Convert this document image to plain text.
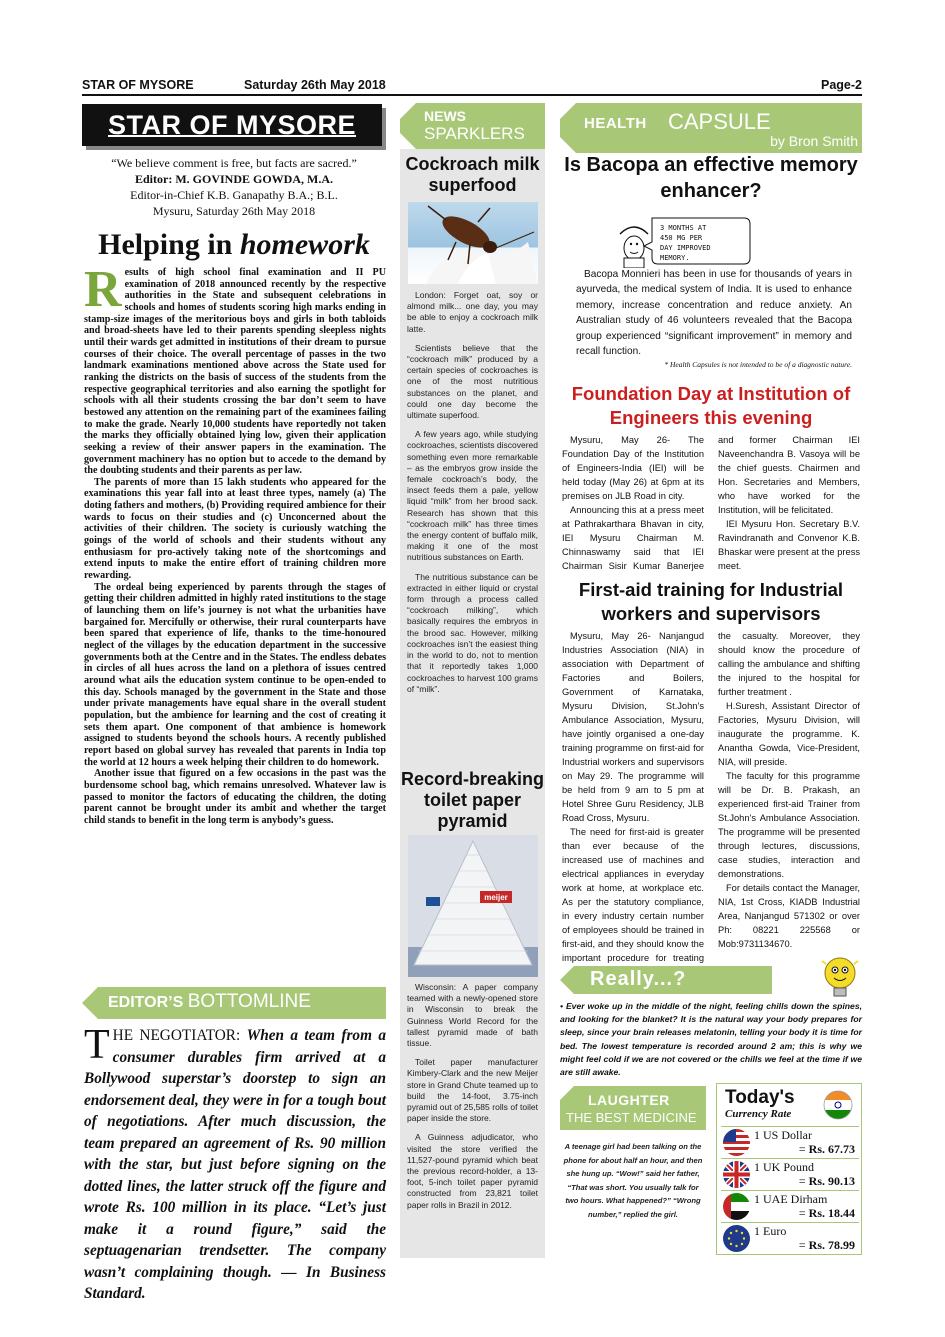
STAR OF MYSORE	Saturday 26th May 2018	Page-2
STAR OF MYSORE
“We believe comment is free, but facts are sacred.”
Editor: M. GOVINDE GOWDA, M.A.
Editor-in-Chief K.B. Ganapathy B.A.; B.L.
Mysuru, Saturday 26th May 2018
Helping in homework

Results of high school final examination and II PU examination of 2018 announced recently by the respective authorities in the State and subsequent celebrations in schools and homes of students scoring high marks ending in stamp-size images of the meritorious boys and girls in both tabloids and broad-sheets have led to their parents spending sleepless nights until their wards get admitted in institutions of their dream to pursue courses of their choice. The overall percentage of passes in the two landmark examinations mentioned above across the State used for ranking the districts on the basis of success of the students from the respective geographical territories and also earning the spotlight for schools with all their students crossing the bar don’t seem to have bestowed any attention on the remaining part of the examinees failing to make the grade. Nearly 10,000 students have reportedly not taken the marks they officially obtained lying low, given their application seeking a review of their answer papers in the examination. The government machinery has no option but to accede to the demand by the doubting students and their parents as per law.

The parents of more than 15 lakh students who appeared for the examinations this year fall into at least three types, namely (a) The doting fathers and mothers, (b) Providing required ambience for their wards to focus on their studies and (c) Unconcerned about the activities of their children. The society is curiously watching the goings of the world of schools and their students without any enthusiasm for pro-actively taking note of the shortcomings and extend inputs to make the entire effort of training children more rewarding.

The ordeal being experienced by parents through the stages of getting their children admitted in highly rated institutions to the stage of launching them on life’s journey is not what the urbanities have bargained for. Mercifully or otherwise, their rural counterparts have been spared that experience of life, thanks to the time-honoured neglect of the villages by the education department in the successive governments both at the Centre and in the States. The endless debates in circles of all hues across the land on a plethora of issues centred around what ails the education system continue to be open-ended to this day. Schools managed by the government in the State and those under private managements have equal share in the overall student population, but the ambience for learning and the cost of creating it sets them apart. One component of that ambience is homework assigned to students beyond the schools hours. A recently published report based on global survey has revealed that parents in India top the world at 12 hours a week helping their children to do homework.

Another issue that figured on a few occasions in the past was the burdensome school bag, which remains unresolved. Whatever law is passed to monitor the factors of educating the children, the doting parent cannot be brought under its ambit and whether the target child stands to benefit in the long term is anybody’s guess.

EDITOR’S BOTTOMLINE
THE NEGOTIATOR: When a team from a consumer durables firm arrived at a Bollywood superstar’s doorstep to sign an endorsement deal, they were in for a tough bout of negotiations. After much discussion, the team prepared an agreement of Rs. 90 million with the star, but just before signing on the dotted lines, the latter struck off the figure and wrote Rs. 100 million in its place. “Let’s just make it a round figure,” said the septuagenarian trendsetter. The company wasn’t complaining though. — In Business Standard.
NEWS
SPARKLERS
Cockroach milk superfood

London: Forget oat, soy or almond milk... one day, you may be able to enjoy a cockroach milk latte.

Scientists believe that the “cockroach milk” produced by a certain species of cockroaches is one of the most nutritious substances on the planet, and could one day become the ultimate superfood.

A few years ago, while studying cockroaches, scientists discovered something even more remarkable – as the embryos grow inside the female cockroach’s body, the insect feeds them a pale, yellow liquid “milk” from her brood sack. Research has shown that this “cockroach milk” has three times the energy content of buffalo milk, making it one of the most nutritious substances on Earth.

The nutritious substance can be extracted in either liquid or crystal form through a process called “cockroach milking”, which basically requires the embryos in the brood sac. However, milking cockroaches isn’t the easiest thing in the world to do, not to mention that it reportedly takes 1,000 cockroaches to harvest 100 grams of “milk”.

Record-breaking toilet paper pyramid
meijer

Wisconsin: A paper company teamed with a newly-opened store in Wisconsin to break the Guinness World Record for the tallest pyramid made of bath tissue.

Toilet paper manufacturer Kimbery-Clark and the new Meijer store in Grand Chute teamed up to build the 14-foot, 3.75-inch pyramid out of 25,585 rolls of toilet paper inside the store.

A Guinness adjudicator, who visited the store verified the 11,527-pound pyramid which beat the previous record-holder, a 13-foot, 5-inch toilet paper pyramid constructed from 23,821 toilet paper rolls in Brazil in 2012.

HEALTH CAPSULE
by Bron Smith
Is Bacopa an effective memory enhancer?
3 MONTHS AT 450 MG PER DAY IMPROVED MEMORY.
Bacopa Monnieri has been in use for thousands of years in ayurveda, the medical system of India. It is used to enhance memory, increase concentration and reduce anxiety. An Australian study of 46 volunteers revealed that the Bacopa group experienced “significant improvement” in memory and recall function.
* Health Capsules is not intended to be of a diagnostic nature.
Foundation Day at Institution of Engineers this evening

Mysuru, May 26- The Foundation Day of the Institution of Engineers-India (IEI) will be held today (May 26) at 6pm at its premises on JLB Road in city.

Announcing this at a press meet at Pathrakarthara Bhavan in city, IEI Mysuru Chairman M. Chinnaswamy said that IEI Chairman Sisir Kumar Banerjee and former Chairman IEI Naveenchandra B. Vasoya will be the chief guests. Chairmen and Hon. Secretaries and Members, who have worked for the Institution, will be felicitated.

IEI Mysuru Hon. Secretary B.V. Ravindranath and Convenor K.B. Bhaskar were present at the press meet.

First-aid training for Industrial workers and supervisors

Mysuru, May 26- Nanjangud Industries Association (NIA) in association with Department of Factories and Boilers, Government of Karnataka, Mysuru Division, St.John’s Ambulance Association, Mysuru, have jointly organised a one-day training programme on first-aid for Industrial workers and supervisors on May 29. The programme will be held from 9 am to 5 pm at Hotel Shree Guru Residency, JLB Road Cross, Mysuru.

The need for first-aid is greater than ever because of the increased use of machines and electrical appliances in everyday work at home, at workplace etc. As per the statutory compliance, in every industry certain number of employees should be trained in first-aid, and they should know the important procedure for treating the casualty. Moreover, they should know the procedure of calling the ambulance and shifting the injured to the hospital for further treatment .

H.Suresh, Assistant Director of Factories, Mysuru Division, will inaugurate the programme. K. Anantha Gowda, Vice-President, NIA, will preside.

The faculty for this programme will be Dr. B. Prakash, an experienced first-aid Trainer from St.John’s Ambulance Association. The programme will be presented through lectures, discussions, case studies, interaction and demonstrations.

For details contact the Manager, NIA, 1st Cross, KIADB Industrial Area, Nanjangud 571302 or over Ph: 08221 225568 or Mob:9731134670.

Really...?
• Ever woke up in the middle of the night, feeling chills down the spines, and looking for the blanket? It is the natural way your body prepares for sleep, since your brain releases melatonin, telling your body it is time for bed. The lowest temperature is recorded around 2 am; this is why we might feel cold if we are not covered or the chills we feel at the time if we are still awake.
LAUGHTER
THE BEST MEDICINE
A teenage girl had been talking on the phone for about half an hour, and then she hung up. “Wow!” said her father, “That was short. You usually talk for two hours. What happened?” “Wrong number,” replied the girl.
Today's
Currency Rate
1 US Dollar
= Rs. 67.73
1 UK Pound
= Rs. 90.13
1 UAE Dirham
= Rs. 18.44
1 Euro
= Rs. 78.99
